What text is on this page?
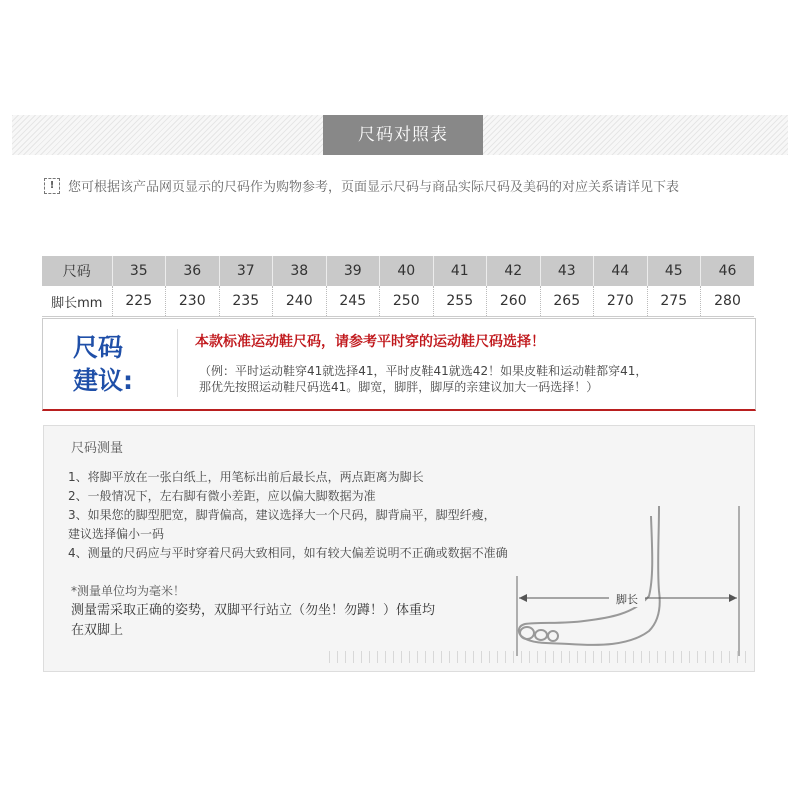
尺码对照表
!	您可根据该产品网页显示的尺码作为购物参考，页面显示尺码与商品实际尺码及美码的对应关系请详见下表
尺码	35	36	37	38	39	40	41	42	43	44	45	46
脚长mm	225	230	235	240	245	250	255	260	265	270	275	280
尺码
建议:
本款标准运动鞋尺码，请参考平时穿的运动鞋尺码选择！
（例：平时运动鞋穿41就选择41，平时皮鞋41就选42！如果皮鞋和运动鞋都穿41，
那优先按照运动鞋尺码选41。脚宽，脚胖，脚厚的亲建议加大一码选择！）
尺码测量
1、将脚平放在一张白纸上，用笔标出前后最长点，两点距离为脚长
2、一般情况下，左右脚有微小差距，应以偏大脚数据为准
3、如果您的脚型肥宽，脚背偏高，建议选择大一个尺码，脚背扁平，脚型纤瘦，
建议选择偏小一码
4、测量的尺码应与平时穿着尺码大致相同，如有较大偏差说明不正确或数据不准确
*测量单位均为毫米！
测量需采取正确的姿势，双脚平行站立（勿坐！勿蹲！）体重均
在双脚上
脚长
